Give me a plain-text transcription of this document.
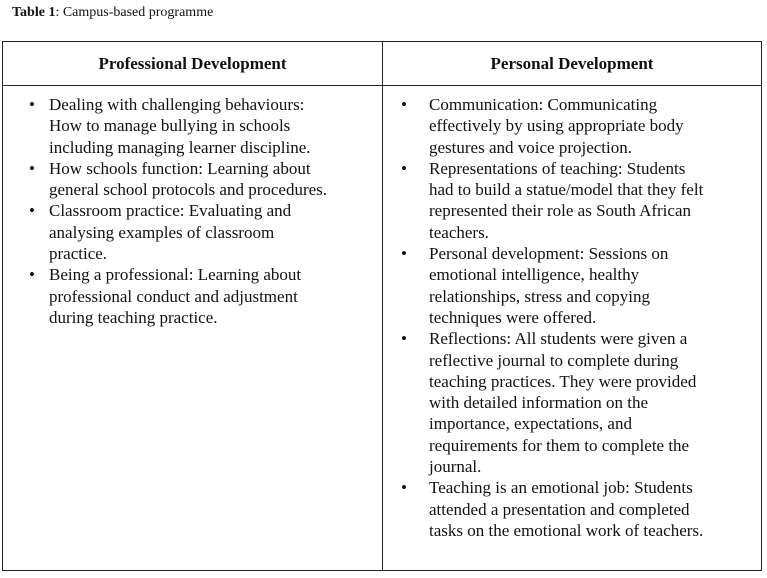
Table 1: Campus-based programme
Professional Development	Personal Development
• Dealing with challenging behaviours:
How to manage bullying in schools
including managing learner discipline.
• How schools function: Learning about
general school protocols and procedures.
• Classroom practice: Evaluating and
analysing examples of classroom
practice.
• Being a professional: Learning about
professional conduct and adjustment
during teaching practice.
• Communication: Communicating
effectively by using appropriate body
gestures and voice projection.
• Representations of teaching: Students
had to build a statue/model that they felt
represented their role as South African
teachers.
• Personal development: Sessions on
emotional intelligence, healthy
relationships, stress and copying
techniques were offered.
• Reflections: All students were given a
reflective journal to complete during
teaching practices. They were provided
with detailed information on the
importance, expectations, and
requirements for them to complete the
journal.
• Teaching is an emotional job: Students
attended a presentation and completed
tasks on the emotional work of teachers.
